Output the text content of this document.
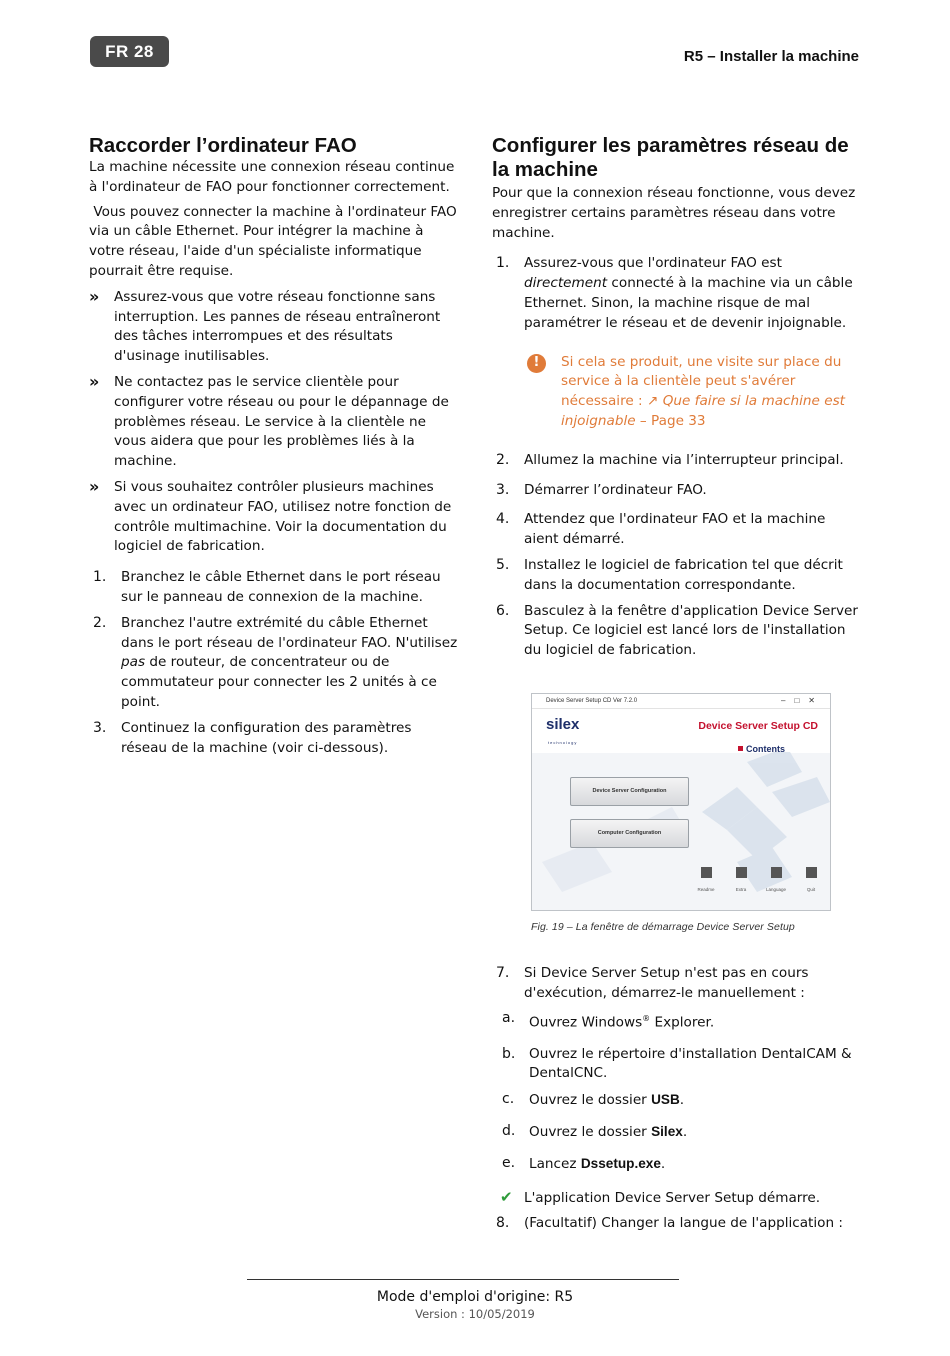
FR 28	R5 – Installer la machine
Raccorder l’ordinateur FAO

La machine nécessite une connexion réseau continue à l'ordinateur de FAO pour fonctionner correctement.

Vous pouvez connecter la machine à l'ordinateur FAO via un câble Ethernet. Pour intégrer la machine à votre réseau, l'aide d'un spécialiste informatique pourrait être requise.

» Assurez-vous que votre réseau fonctionne sans interruption. Les pannes de réseau entraîneront des tâches interrompues et des résultats d'usinage inutilisables.
» Ne contactez pas le service clientèle pour configurer votre réseau ou pour le dépannage de problèmes réseau. Le service à la clientèle ne vous aidera que pour les problèmes liés à la machine.
» Si vous souhaitez contrôler plusieurs machines avec un ordinateur FAO, utilisez notre fonction de contrôle multimachine. Voir la documentation du logiciel de fabrication.
1. Branchez le câble Ethernet dans le port réseau sur le panneau de connexion de la machine.
2. Branchez l'autre extrémité du câble Ethernet dans le port réseau de l'ordinateur FAO. N'utilisez pas de routeur, de concentrateur ou de commutateur pour connecter les 2 unités à ce point.
3. Continuez la configuration des paramètres réseau de la machine (voir ci-dessous).
Configurer les paramètres réseau de la machine

Pour que la connexion réseau fonctionne, vous devez enregistrer certains paramètres réseau dans votre machine.

1. Assurez-vous que l'ordinateur FAO est directement connecté à la machine via un câble Ethernet. Sinon, la machine risque de mal paramétrer le réseau et de devenir injoignable.
!	Si cela se produit, une visite sur place du service à la clientèle peut s'avérer nécessaire : ↗ Que faire si la machine est injoignable – Page 33
2. Allumez la machine via l’interrupteur principal.
3. Démarrer l’ordinateur FAO.
4. Attendez que l'ordinateur FAO et la machine aient démarré.
5. Installez le logiciel de fabrication tel que décrit dans la documentation correspondante.
6. Basculez à la fenêtre d'application Device Server Setup. Ce logiciel est lancé lors de l'installation du logiciel de fabrication.
Device Server Setup CD Ver 7.2.0	–□✕
silex
technology
Device Server Setup CD
Contents
Device Server Configuration
Computer Configuration
Readme	Extra	Language	Quit
Fig. 19 – La fenêtre de démarrage Device Server Setup
7. Si Device Server Setup n'est pas en cours d'exécution, démarrez-le manuellement :
a. Ouvrez Windows® Explorer.
b. Ouvrez le répertoire d'installation DentalCAM & DentalCNC.
c. Ouvrez le dossier USB.
d. Ouvrez le dossier Silex.
e. Lancez Dssetup.exe.
✔ L'application Device Server Setup démarre.
8. (Facultatif) Changer la langue de l'application :
Mode d'emploi d'origine: R5
Version : 10/05/2019
